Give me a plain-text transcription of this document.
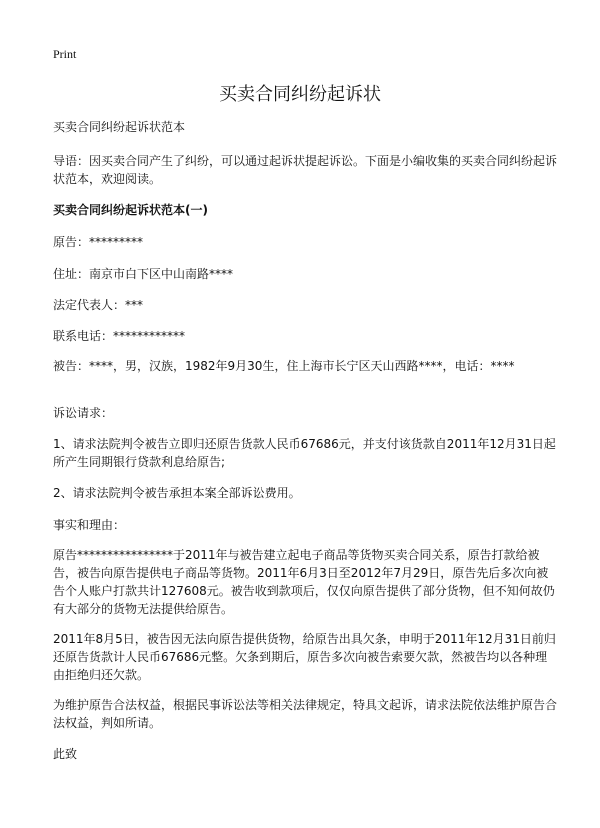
Print
买卖合同纠纷起诉状

买卖合同纠纷起诉状范本

导语：因买卖合同产生了纠纷，可以通过起诉状提起诉讼。下面是小编收集的买卖合同纠纷起诉状范本，欢迎阅读。

买卖合同纠纷起诉状范本(一)

原告：*********

住址：南京市白下区中山南路****

法定代表人：***

联系电话：************

被告：****，男，汉族，1982年9月30生，住上海市长宁区天山西路****，电话：****

诉讼请求：

1、请求法院判令被告立即归还原告货款人民币67686元，并支付该货款自2011年12月31日起所产生同期银行贷款利息给原告;

2、请求法院判令被告承担本案全部诉讼费用。

事实和理由：

原告****************于2011年与被告建立起电子商品等货物买卖合同关系，原告打款给被告，被告向原告提供电子商品等货物。2011年6月3日至2012年7月29日，原告先后多次向被告个人账户打款共计127608元。被告收到款项后，仅仅向原告提供了部分货物，但不知何故仍有大部分的货物无法提供给原告。

2011年8月5日，被告因无法向原告提供货物，给原告出具欠条，申明于2011年12月31日前归还原告货款计人民币67686元整。欠条到期后，原告多次向被告索要欠款，然被告均以各种理由拒绝归还欠款。

为维护原告合法权益，根据民事诉讼法等相关法律规定，特具文起诉，请求法院依法维护原告合法权益，判如所请。

此致
